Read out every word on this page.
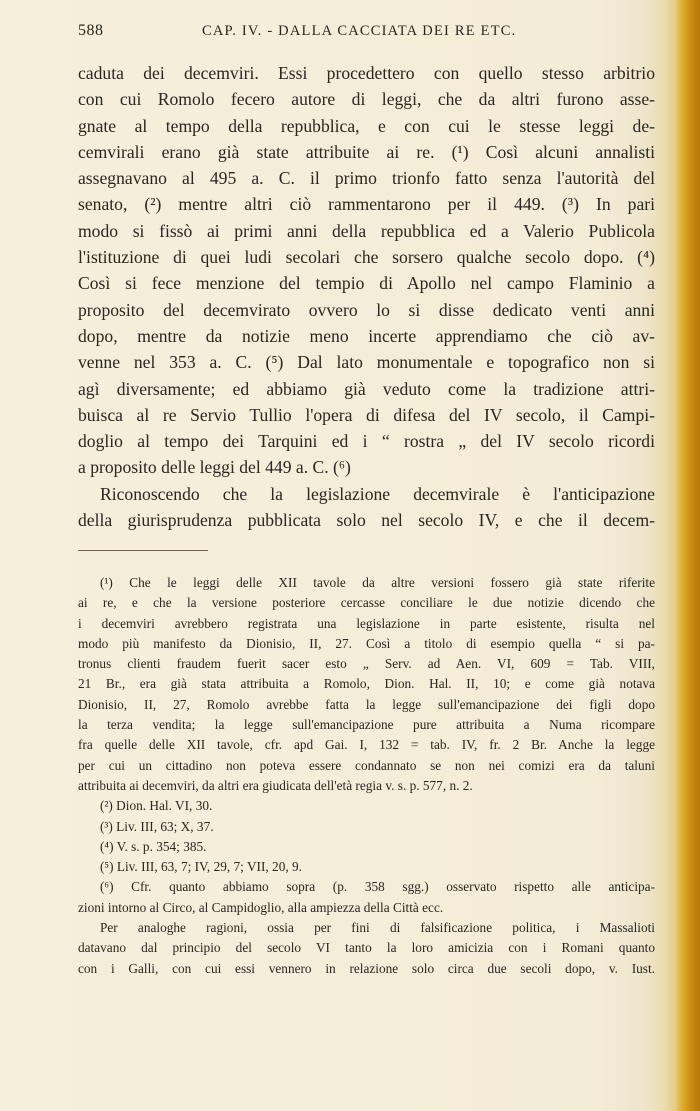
588	CAP. IV. - DALLA CACCIATA DEI RE ETC.
caduta dei decemviri. Essi procedettero con quello stesso arbitrio
con cui Romolo fecero autore di leggi, che da altri furono asse-
gnate al tempo della repubblica, e con cui le stesse leggi de-
cemvirali erano già state attribuite ai re. (¹) Così alcuni annalisti
assegnavano al 495 a. C. il primo trionfo fatto senza l'autorità del
senato, (²) mentre altri ciò rammentarono per il 449. (³) In pari
modo si fissò ai primi anni della repubblica ed a Valerio Publicola
l'istituzione di quei ludi secolari che sorsero qualche secolo dopo. (⁴)
Così si fece menzione del tempio di Apollo nel campo Flaminio a
proposito del decemvirato ovvero lo si disse dedicato venti anni
dopo, mentre da notizie meno incerte apprendiamo che ciò av-
venne nel 353 a. C. (⁵) Dal lato monumentale e topografico non si
agì diversamente; ed abbiamo già veduto come la tradizione attri-
buisca al re Servio Tullio l'opera di difesa del IV secolo, il Campi-
doglio al tempo dei Tarquini ed i “ rostra „ del IV secolo ricordi
a proposito delle leggi del 449 a. C. (⁶)
Riconoscendo che la legislazione decemvirale è l'anticipazione
della giurisprudenza pubblicata solo nel secolo IV, e che il decem-
(¹) Che le leggi delle XII tavole da altre versioni fossero già state riferite
ai re, e che la versione posteriore cercasse conciliare le due notizie dicendo che
i decemviri avrebbero registrata una legislazione in parte esistente, risulta nel
modo più manifesto da Dionisio, II, 27. Così a titolo di esempio quella “ si pa-
tronus clienti fraudem fuerit sacer esto „ Serv. ad Aen. VI, 609 = Tab. VIII,
21 Br., era già stata attribuita a Romolo, Dion. Hal. II, 10; e come già notava
Dionisio, II, 27, Romolo avrebbe fatta la legge sull'emancipazione dei figli dopo
la terza vendita; la legge sull'emancipazione pure attribuita a Numa ricompare
fra quelle delle XII tavole, cfr. apd Gai. I, 132 = tab. IV, fr. 2 Br. Anche la legge
per cui un cittadino non poteva essere condannato se non nei comizi era da taluni
attribuita ai decemviri, da altri era giudicata dell'età regia v. s. p. 577, n. 2.
(²) Dion. Hal. VI, 30.
(³) Liv. III, 63; X, 37.
(⁴) V. s. p. 354; 385.
(⁵) Liv. III, 63, 7; IV, 29, 7; VII, 20, 9.
(⁶) Cfr. quanto abbiamo sopra (p. 358 sgg.) osservato rispetto alle anticipa-
zioni intorno al Circo, al Campidoglio, alla ampiezza della Città ecc.
Per analoghe ragioni, ossia per fini di falsificazione politica, i Massalioti
datavano dal principio del secolo VI tanto la loro amicizia con i Romani quanto
con i Galli, con cui essi vennero in relazione solo circa due secoli dopo, v. Iust.
